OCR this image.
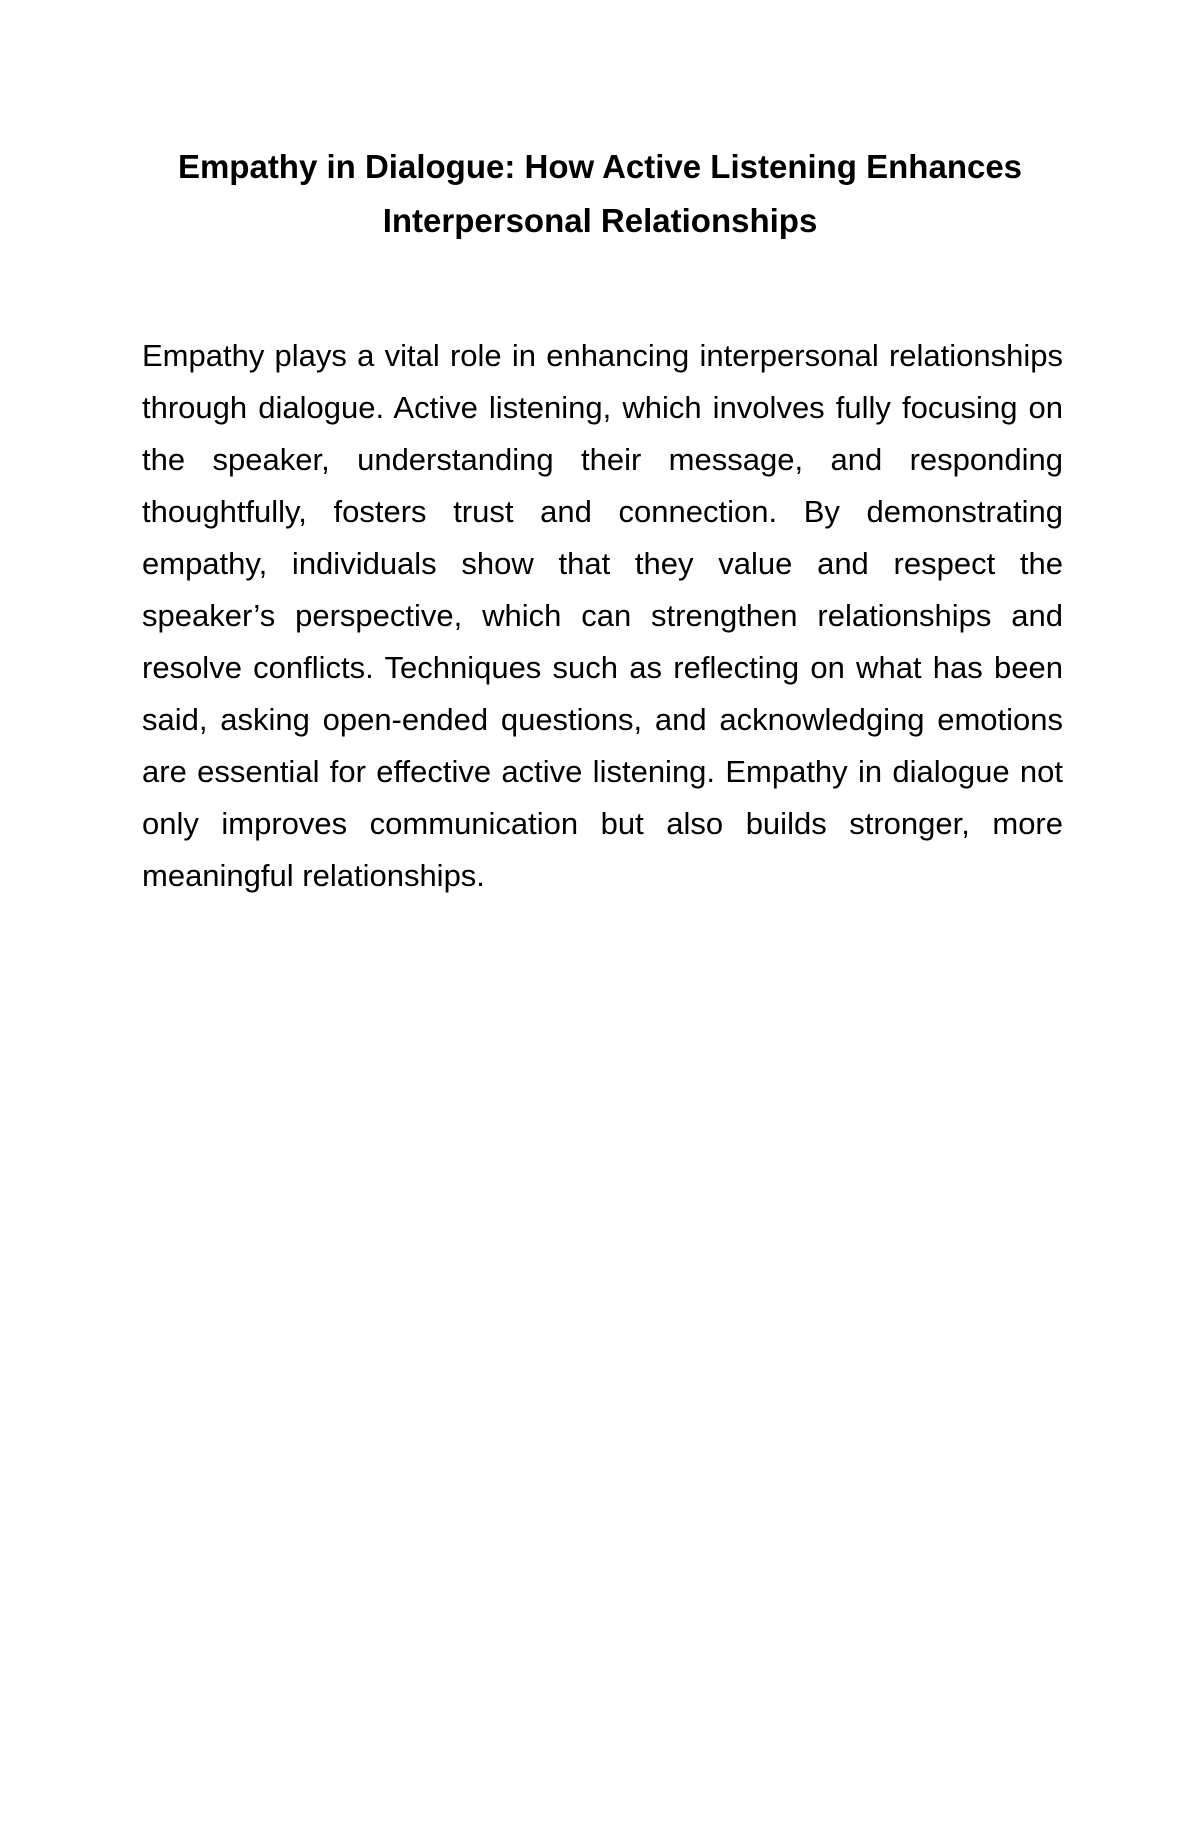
Empathy in Dialogue: How Active Listening Enhances
Interpersonal Relationships

Empathy plays a vital role in enhancing interpersonal relationships through dialogue. Active listening, which involves fully focusing on the speaker, understanding their message, and responding thoughtfully, fosters trust and connection. By demonstrating empathy, individuals show that they value and respect the speaker’s perspective, which can strengthen relationships and resolve conflicts. Techniques such as reflecting on what has been said, asking open-ended questions, and acknowledging emotions are essential for effective active listening. Empathy in dialogue not only improves communication but also builds stronger, more meaningful relationships.
